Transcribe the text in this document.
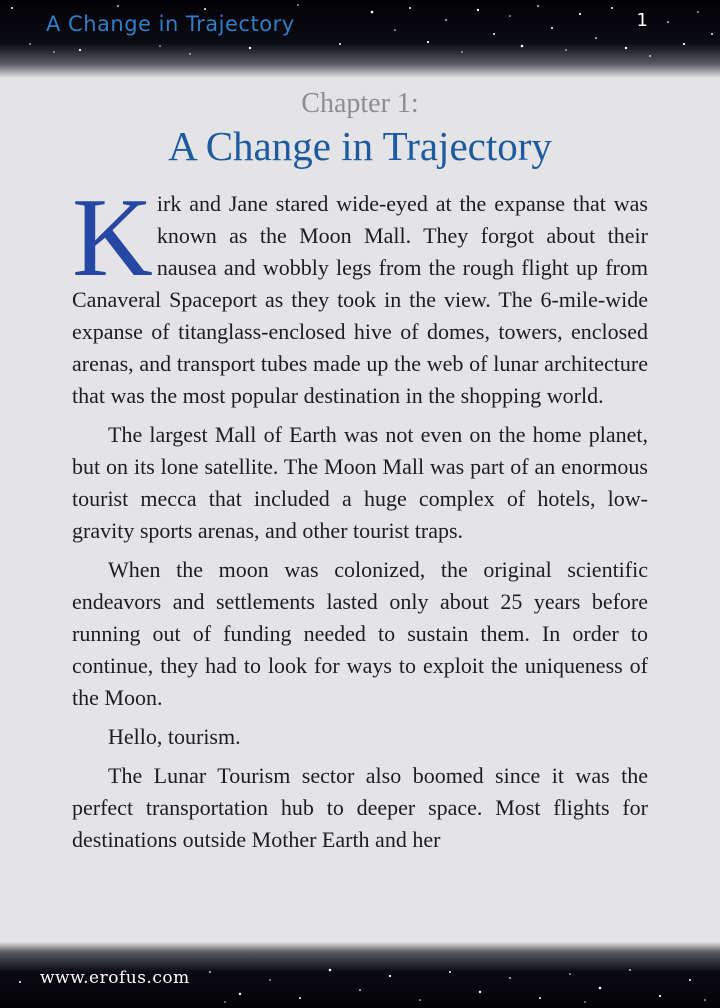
A Change in Trajectory	1
Chapter 1:
A Change in Trajectory

Kirk and Jane stared wide-eyed at the expanse that was known as the Moon Mall. They forgot about their nausea and wobbly legs from the rough flight up from Canaveral Spaceport as they took in the view. The 6-mile-wide expanse of titanglass-enclosed hive of domes, towers, enclosed arenas, and transport tubes made up the web of lunar architecture that was the most popular destination in the shopping world.

The largest Mall of Earth was not even on the home planet, but on its lone satellite. The Moon Mall was part of an enormous tourist mecca that included a huge complex of hotels, low-gravity sports arenas, and other tourist traps.

When the moon was colonized, the original scientific endeavors and settlements lasted only about 25 years before running out of funding needed to sustain them. In order to continue, they had to look for ways to exploit the uniqueness of the Moon.

Hello, tourism.

The Lunar Tourism sector also boomed since it was the perfect transportation hub to deeper space. Most flights for destinations outside Mother Earth and her

www.erofus.com
